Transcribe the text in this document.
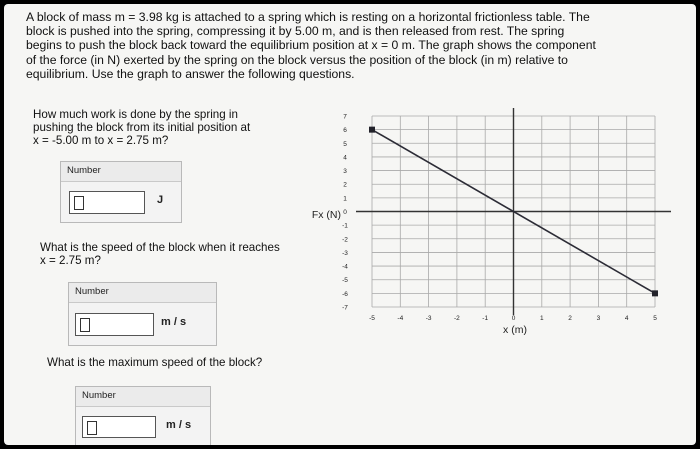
A block of mass m = 3.98 kg is attached to a spring which is resting on a horizontal frictionless table. The
block is pushed into the spring, compressing it by 5.00 m, and is then released from rest. The spring
begins to push the block back toward the equilibrium position at x = 0 m. The graph shows the component
of the force (in N) exerted by the spring on the block versus the position of the block (in m) relative to
equilibrium. Use the graph to answer the following questions.
How much work is done by the spring in
pushing the block from its initial position at
x = -5.00 m to x = 2.75 m?
Number
J
What is the speed of the block when it reaches
x = 2.75 m?
Number
m / s
What is the maximum speed of the block?
Number
m / s
-5	-4	-3	-2	-1	0	1	2	3	4	5
7
6
5
4
3
2
1
0
-1
-2
-3
-4
-5
-6
-7
Fx (N)
x (m)
